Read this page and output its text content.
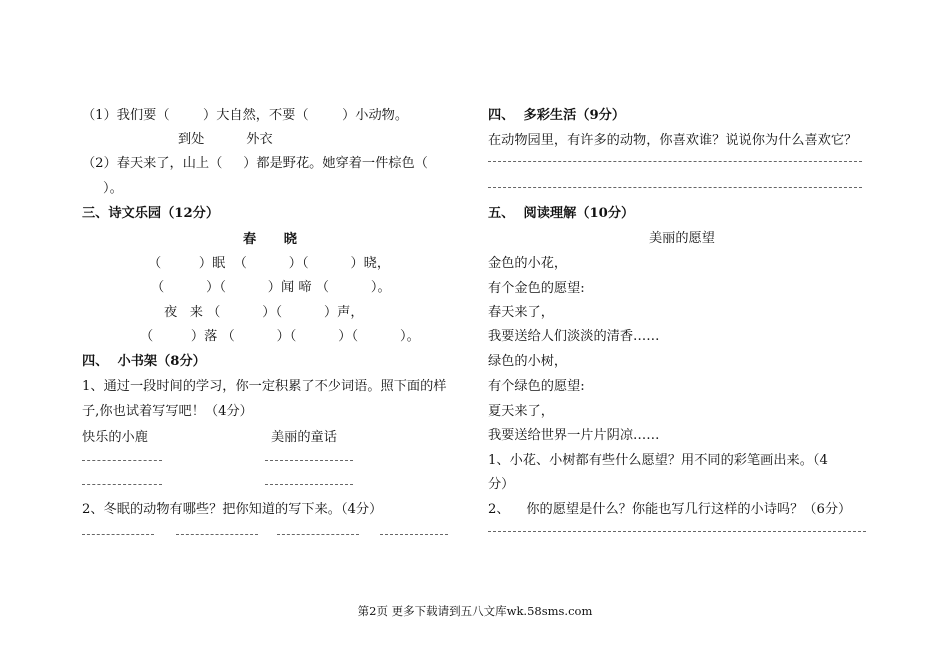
（1）我们要（        ）大自然，不要（        ）小动物。
到处          外衣
（2）春天来了，山上（     ）都是野花。她穿着一件棕色（
）。
三、诗文乐园（12分）
春      晓
（         ）眠  （          ）（          ）晓，
（          ）（          ）闻 啼 （          ）。
夜   来 （          ）（          ）声，
（         ）落 （          ）（          ）（          ）。
四、  小书架（8分）
1、通过一段时间的学习，你一定积累了不少词语。照下面的样
子,你也试着写写吧！（4分）
快乐的小鹿	美丽的童话
2、冬眠的动物有哪些？把你知道的写下来。（4分）
四、  多彩生活（9分）
在动物园里，有许多的动物，你喜欢谁？说说你为什么喜欢它？
五、  阅读理解（10分）
美丽的愿望
金色的小花，
有个金色的愿望:
春天来了，
我要送给人们淡淡的清香……
绿色的小树，
有个绿色的愿望:
夏天来了，
我要送给世界一片片阴凉……
1、小花、小树都有些什么愿望？用不同的彩笔画出来。（4
分）
2、    你的愿望是什么？你能也写几行这样的小诗吗？（6分）
第2页 更多下载请到五八文库wk.58sms.com
